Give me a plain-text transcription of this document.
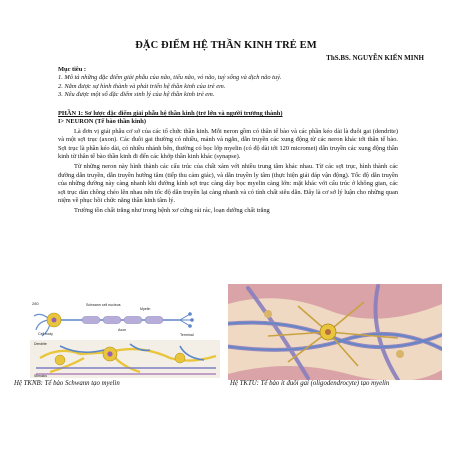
ĐẶC ĐIỂM HỆ THẦN KINH TRẺ EM
ThS.BS. NGUYỄN KIẾN MINH

Mục tiêu :

1. Mô tả những đặc điểm giải phẫu của não, tiểu não, vỏ não, tuỷ sống và dịch não tuỷ.

2. Nắm được sự hình thành và phát triển hệ thần kinh của trẻ em.

3. Nêu được một số đặc điểm sinh lý của hệ thần kinh trẻ em.

PHẦN 1: Sơ lược đặc điểm giải phẫu hệ thần kinh (trẻ lớn và người trưởng thành)

I> NEURON (Tế bào thần kinh)

Là đơn vị giải phẫu cơ sở của các tổ chức thần kinh. Mỗi neron gồm có thân tế bào và các phần kéo dài là đuôi gai (dendrite) và một sợi trục (axon). Các đuôi gai thường có nhiều, mảnh và ngắn, dẫn truyền các xung động từ các neron khác tới thân tế bào. Sợi trục là phần kéo dài, có nhiều nhánh bên, thường có bọc lớp myelin (có độ dài tới 120 micromet) dẫn truyền các xung động thần kinh từ thân tế bào thần kinh đi đến các khớp thần kinh khác (synapse).

Từ những neron này hình thành các cấu trúc của chất xám với nhiều trung tâm khác nhau. Từ các sợi trục, hình thành các đường dẫn truyền, dẫn truyền hướng tâm (tiếp thu cảm giác), và dẫn truyền ly tâm (thực hiện giải đáp vận động). Tốc độ dẫn truyền của những đường này càng nhanh khi đường kính sợi trục càng dày bọc myelin càng lớn: mặt khác với cấu trúc ở không gian, các sợi trục dàn chồng chéo lên nhau nên tốc độ dẫn truyền lại càng nhanh và có tính chất siêu dẫn. Đây là cơ sở lý luận cho những quan niệm về phục hồi chức năng thần kinh tâm lý.

Trường tồn chất trắng như trong bệnh xơ cứng rải rác, loạn dưỡng chất trắng

280	Schwann cell nucleus
Myelin
Axon
Cell body	Terminal
Dendrite
Stimulus
Hệ TKNB: Tế bào Schwann tạo myelin	Hệ TKTU: Tế bào ít đuôi gai (oligodendrocyte) tạo myelin
